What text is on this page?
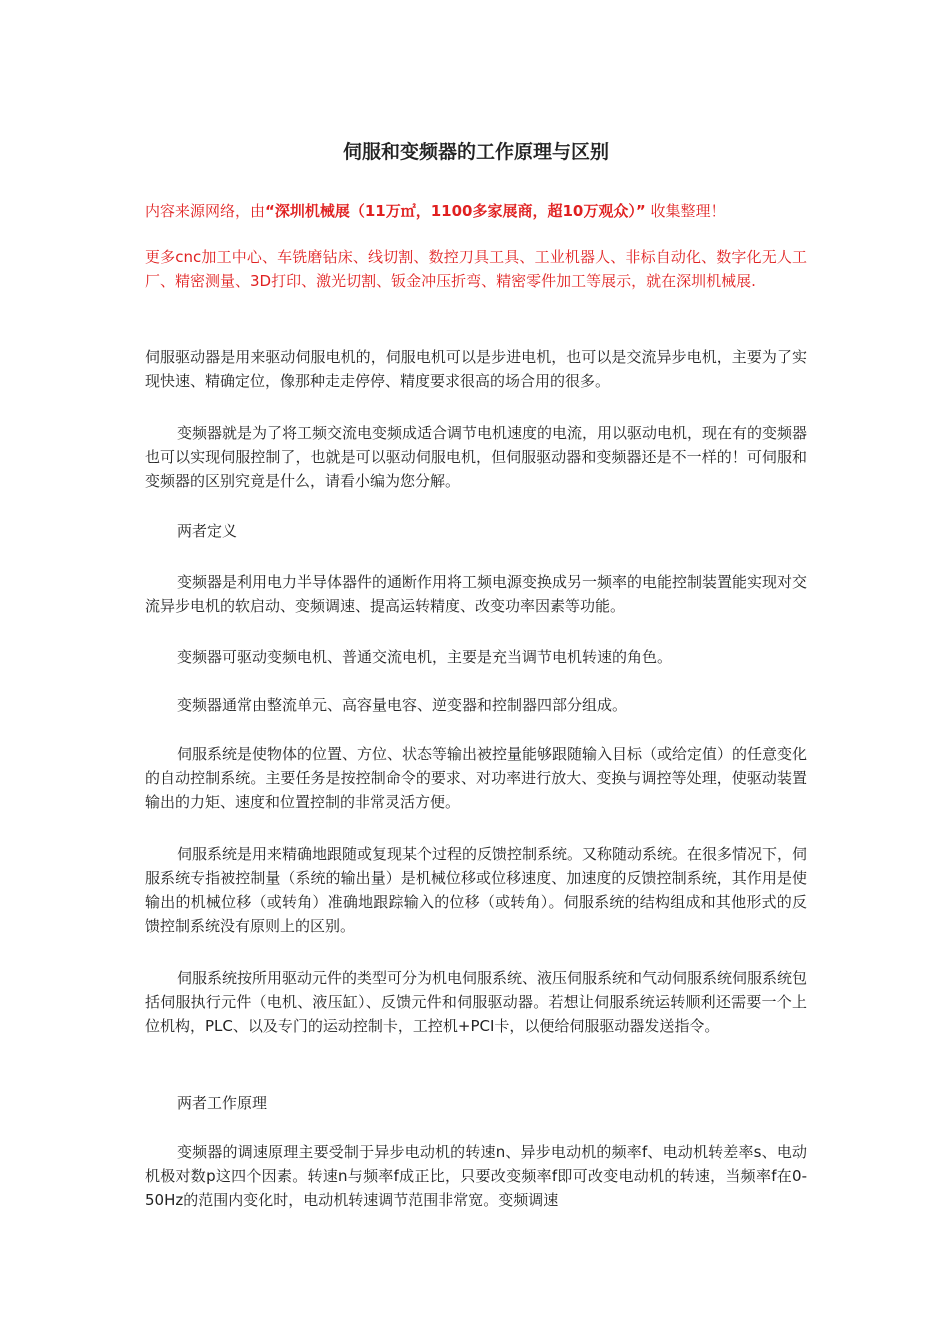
伺服和变频器的工作原理与区别

内容来源网络，由“深圳机械展（11万㎡，1100多家展商，超10万观众）” 收集整理！

更多cnc加工中心、车铣磨钻床、线切割、数控刀具工具、工业机器人、非标自动化、数字化无人工厂、精密测量、3D打印、激光切割、钣金冲压折弯、精密零件加工等展示，就在深圳机械展.

伺服驱动器是用来驱动伺服电机的，伺服电机可以是步进电机，也可以是交流异步电机，主要为了实现快速、精确定位，像那种走走停停、精度要求很高的场合用的很多。

变频器就是为了将工频交流电变频成适合调节电机速度的电流，用以驱动电机，现在有的变频器也可以实现伺服控制了，也就是可以驱动伺服电机，但伺服驱动器和变频器还是不一样的！可伺服和变频器的区别究竟是什么，请看小编为您分解。

两者定义

变频器是利用电力半导体器件的通断作用将工频电源变换成另一频率的电能控制装置能实现对交流异步电机的软启动、变频调速、提高运转精度、改变功率因素等功能。

变频器可驱动变频电机、普通交流电机，主要是充当调节电机转速的角色。

变频器通常由整流单元、高容量电容、逆变器和控制器四部分组成。

伺服系统是使物体的位置、方位、状态等输出被控量能够跟随输入目标（或给定值）的任意变化的自动控制系统。主要任务是按控制命令的要求、对功率进行放大、变换与调控等处理，使驱动装置输出的力矩、速度和位置控制的非常灵活方便。

伺服系统是用来精确地跟随或复现某个过程的反馈控制系统。又称随动系统。在很多情况下，伺服系统专指被控制量（系统的输出量）是机械位移或位移速度、加速度的反馈控制系统，其作用是使输出的机械位移（或转角）准确地跟踪输入的位移（或转角）。伺服系统的结构组成和其他形式的反馈控制系统没有原则上的区别。

伺服系统按所用驱动元件的类型可分为机电伺服系统、液压伺服系统和气动伺服系统伺服系统包括伺服执行元件（电机、液压缸）、反馈元件和伺服驱动器。若想让伺服系统运转顺利还需要一个上位机构，PLC、以及专门的运动控制卡，工控机+PCI卡，以便给伺服驱动器发送指令。

两者工作原理

变频器的调速原理主要受制于异步电动机的转速n、异步电动机的频率f、电动机转差率s、电动机极对数p这四个因素。转速n与频率f成正比，只要改变频率f即可改变电动机的转速，当频率f在0-50Hz的范围内变化时，电动机转速调节范围非常宽。变频调速
